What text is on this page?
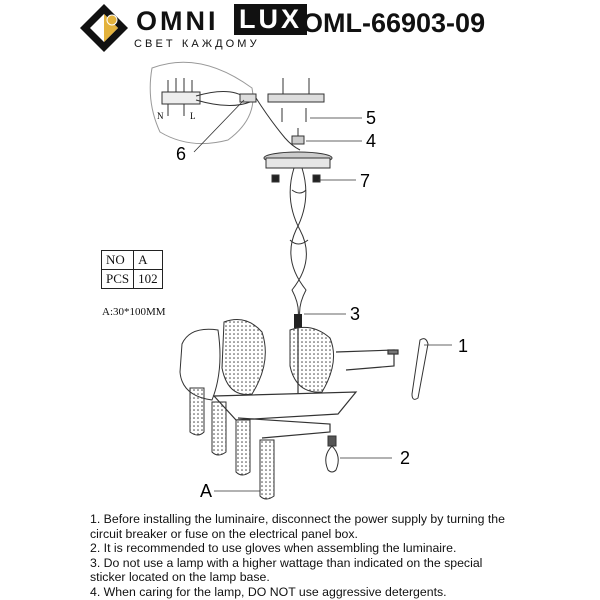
OMNI LUX
СВЕТ КАЖДОМУ
OML-66903-09
N	L
1
2
3
4
5
6
7
A
NO	A
PCS	102
A:30*100MM

1. Before installing the luminaire, disconnect the power supply by turning the circuit breaker or fuse on the electrical panel box.

2. It is recommended to use gloves when assembling the luminaire.

3. Do not use a lamp with a higher wattage than indicated on the special sticker located on the lamp base.

4. When caring for the lamp, DO NOT use aggressive detergents.
